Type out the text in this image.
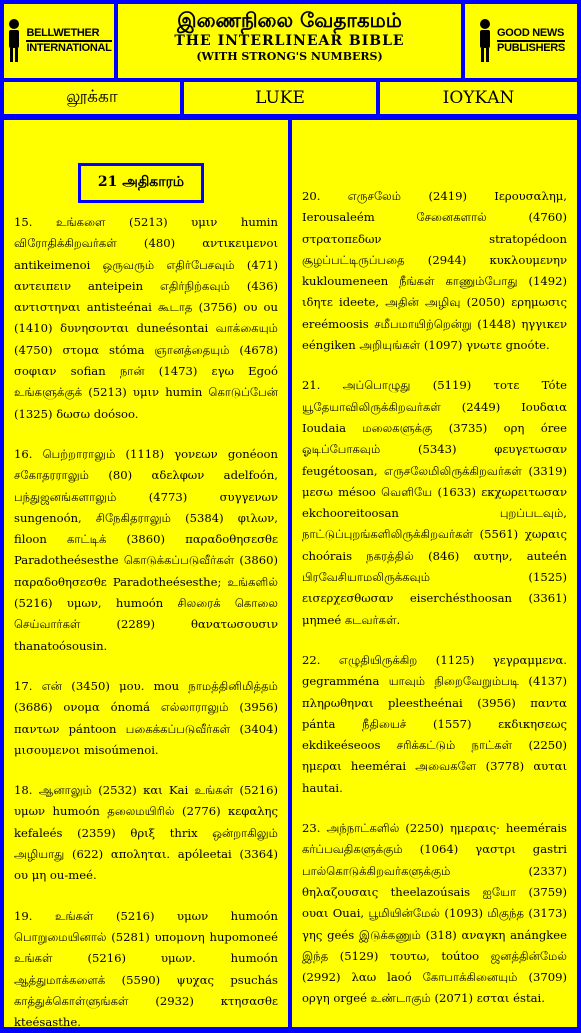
BELLWETHER
INTERNATIONAL
இணைநிலை வேதாகமம்
THE INTERLINEAR BIBLE
(WITH STRONG'S NUMBERS)
GOOD NEWS
PUBLISHERS
லூக்கா	LUKE	ΙΟΥΚΑΝ

15. உங்களை (5213) υμιν humin விரோதிக்கிறவர்கள் (480) αντικειμενοι antikeimenoi ஒருவரும் எதிர்பேசவும் (471) αντειπειν anteipein எதிர்நிற்கவும் (436) αντιστηναι antisteénai கூடாத (3756) ου ou (1410) δυνησονται duneésontai வாக்கையும் (4750) στομα stóma ஞானத்தையும் (4678) σοφιαν sofian நான் (1473) εγω Egoó உங்களுக்குக் (5213) υμιν humin கொடுப்பேன் (1325) δωσω doósoo.

16. பெற்றாராலும் (1118) γονεων gonéoon சகோதரராலும் (80) αδελφων adelfoón, பந்துஜனங்களாலும் (4773) συγγενων sungenoón, சிநேகிதராலும் (5384) φιλων, filoon காட்டிக் (3860) παραδοθησεσθε Paradotheésesthe கொடுக்கப்படுவீர்கள் (3860) παραδοθησεσθε Paradotheésesthe; உங்களில் (5216) υμων, humoón சிலரைக் கொலை செய்வார்கள் (2289) θανατωσουσιν thanatoósousin.

17. என் (3450) μου. mou நாமத்தினிமித்தம் (3686) ονομα ónomá எல்லாராலும் (3956) παντων pántoon பகைக்கப்படுவீர்கள் (3404) μισουμενοι misoúmenoi.

18. ஆனாலும் (2532) και Kai உங்கள் (5216) υμων humoón தலைமயிரில் (2776) κεφαλης kefaleés (2359) θριξ thrix ஒன்றாகிலும் அழியாது (622) αποληται. apóleetai (3364) ου μη ou-meé.

19. உங்கள் (5216) υμων humoón பொறுமையினால் (5281) υπομονη hupomoneé உங்கள் (5216) υμων. humoón ஆத்துமாக்களைக் (5590) ψυχας psuchás காத்துக்கொள்ளுங்கள் (2932) κτησασθε kteésasthe.

21 அதிகாரம்

20. எருசலேம் (2419) Ιερουσαλημ, Ierousaleém சேனைகளால் (4760) στρατοπεδων stratopédoon சூழப்பட்டிருப்பதை (2944) κυκλουμενην kukloumeneen நீங்கள் காணும்போது (1492) ιδητε ideete, அதின் அழிவு (2050) ερημωσις ereémoosis சமீபமாயிற்றென்று (1448) ηγγικεν eéngiken அறியுங்கள் (1097) γνωτε gnoóte.

21. அப்பொழுது (5119) τοτε Tóte யூதேயாவிலிருக்கிறவர்கள் (2449) Ιουδαια Ioudaia மலைகளுக்கு (3735) ορη óree ஓடிப்போகவும் (5343) φευγετωσαν feugétoosan, எருசலேமிலிருக்கிறவர்கள் (3319) μεσω mésoo வெளியே (1633) εκχωρειτωσαν ekchooreitoosan புறப்படவும், நாட்டுப்புறங்களிலிருக்கிறவர்கள் (5561) χωραις choórais நகரத்தில் (846) αυτην, auteén பிரவேசியாமலிருக்கவும் (1525) εισερχεσθωσαν eiserchésthoosan (3361) μηmeé கடவர்கள்.

22. எழுதியிருக்கிற (1125) γεγραμμενα. gegramména யாவும் நிறைவேறும்படி (4137) πληρωθηναι pleestheénai (3956) παντα pánta நீதியைச் (1557) εκδικησεως ekdikeéseoos சரிக்கட்டும் நாட்கள் (2250) ημεραι heemérai அவைகளே (3778) αυται hautai.

23. அந்நாட்களில் (2250) ημεραις· heemérais கர்ப்பவதிகளுக்கும் (1064) γαστρι gastri பால்கொடுக்கிறவர்களுக்கும் (2337) θηλαζουσαις theelazoúsais ஐயோ (3759) ουαι Ouai, பூமியின்மேல் (1093) மிகுந்த (3173) γης geés இடுக்கணும் (318) αναγκη anángkee இந்த (5129) τουτω, toútoo ஜனத்தின்மேல் (2992) λαω laoó கோபாக்கினையும் (3709) οργη orgeé உண்டாகும் (2071) εσται éstai.
